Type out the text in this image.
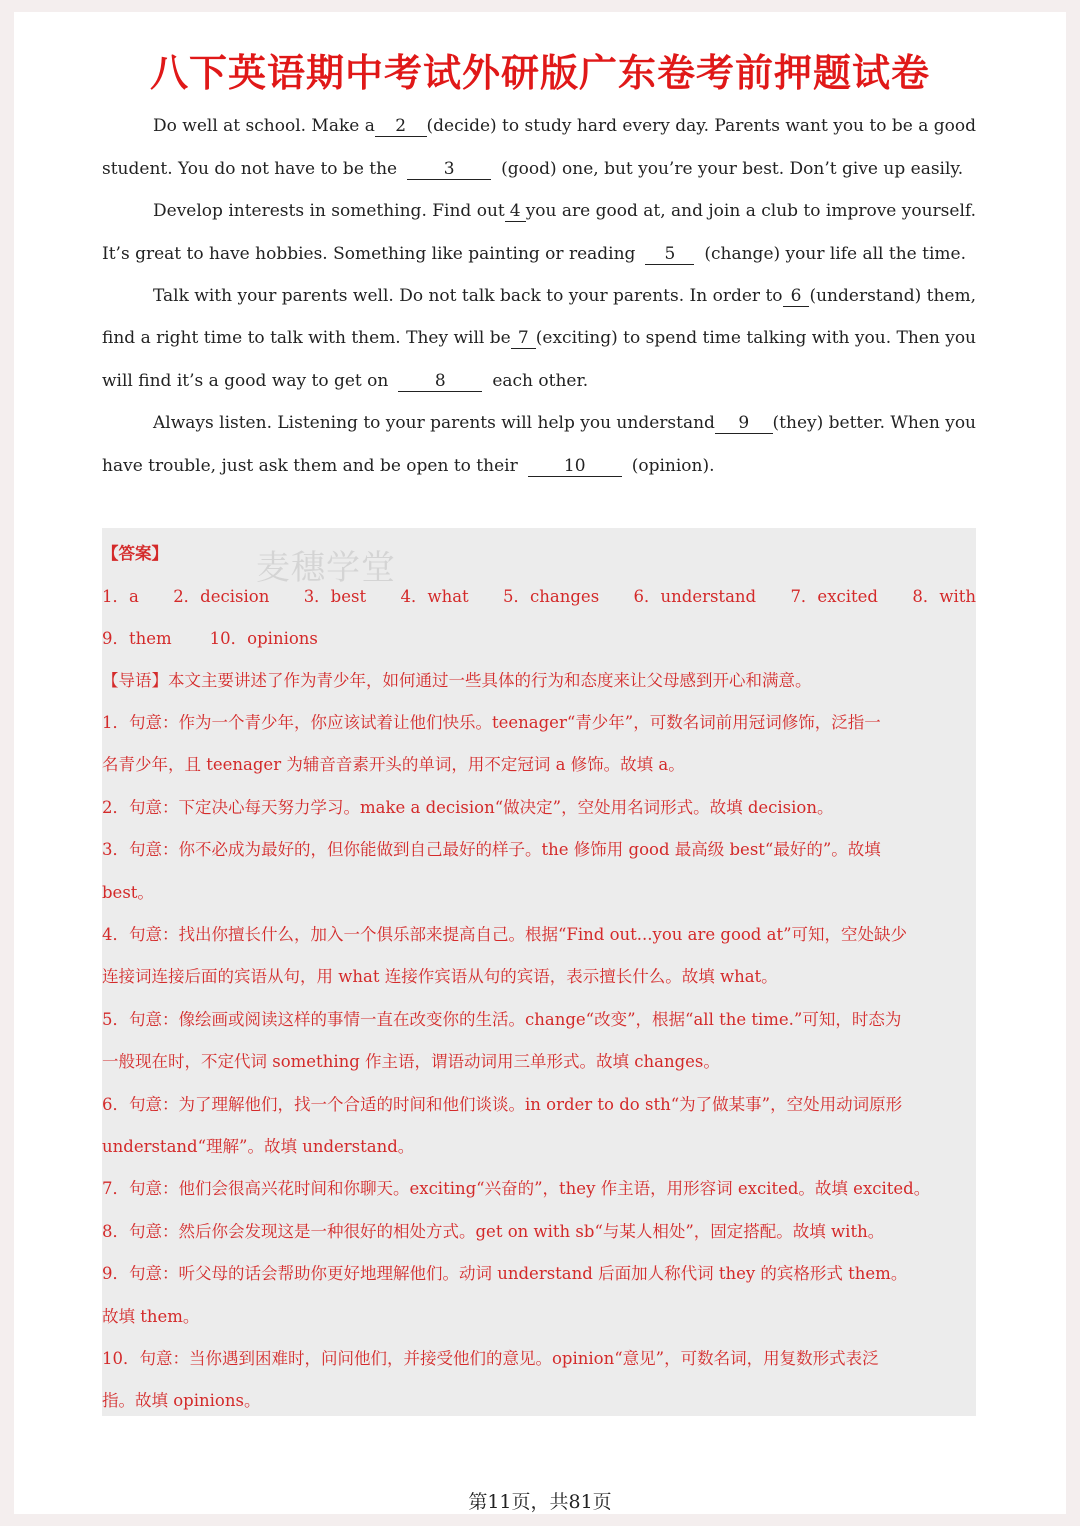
八下英语期中考试外研版广东卷考前押题试卷
Do well at school. Make a	2	(decide) to study hard every day. Parents want you to be a good
student. You do not have to be the	3	(good) one, but you’re your best. Don’t give up easily.
Develop interests in something. Find out 4 you are good at, and join a club to improve yourself.
It’s great to have hobbies. Something like painting or reading	5	(change) your life all the time.
Talk with your parents well. Do not talk back to your parents. In order to 6 (understand) them,
find a right time to talk with them. They will be 7 (exciting) to spend time talking with you. Then you
will find it’s a good way to get on	8	each other.
Always listen. Listening to your parents will help you understand	9	(they) better. When you
have trouble, just ask them and be open to their	10	(opinion).
麦穗学堂
【答案】
1．a 2．decision 3．best 4．what 5．changes 6．understand 7．excited 8．with
9．them 10．opinions
【导语】本文主要讲述了作为青少年，如何通过一些具体的行为和态度来让父母感到开心和满意。
1．句意：作为一个青少年，你应该试着让他们快乐。teenager“青少年”，可数名词前用冠词修饰，泛指一
名青少年，且 teenager 为辅音音素开头的单词，用不定冠词 a 修饰。故填 a。
2．句意：下定决心每天努力学习。make a decision“做决定”，空处用名词形式。故填 decision。
3．句意：你不必成为最好的，但你能做到自己最好的样子。the 修饰用 good 最高级 best“最好的”。故填
best。
4．句意：找出你擅长什么，加入一个俱乐部来提高自己。根据“Find out...you are good at”可知，空处缺少
连接词连接后面的宾语从句，用 what 连接作宾语从句的宾语，表示擅长什么。故填 what。
5．句意：像绘画或阅读这样的事情一直在改变你的生活。change“改变”，根据“all the time.”可知，时态为
一般现在时，不定代词 something 作主语，谓语动词用三单形式。故填 changes。
6．句意：为了理解他们，找一个合适的时间和他们谈谈。in order to do sth“为了做某事”，空处用动词原形
understand“理解”。故填 understand。
7．句意：他们会很高兴花时间和你聊天。exciting“兴奋的”，they 作主语，用形容词 excited。故填 excited。
8．句意：然后你会发现这是一种很好的相处方式。get on with sb“与某人相处”，固定搭配。故填 with。
9．句意：听父母的话会帮助你更好地理解他们。动词 understand 后面加人称代词 they 的宾格形式 them。
故填 them。
10．句意：当你遇到困难时，问问他们，并接受他们的意见。opinion“意见”，可数名词，用复数形式表泛
指。故填 opinions。
第11页，共81页
